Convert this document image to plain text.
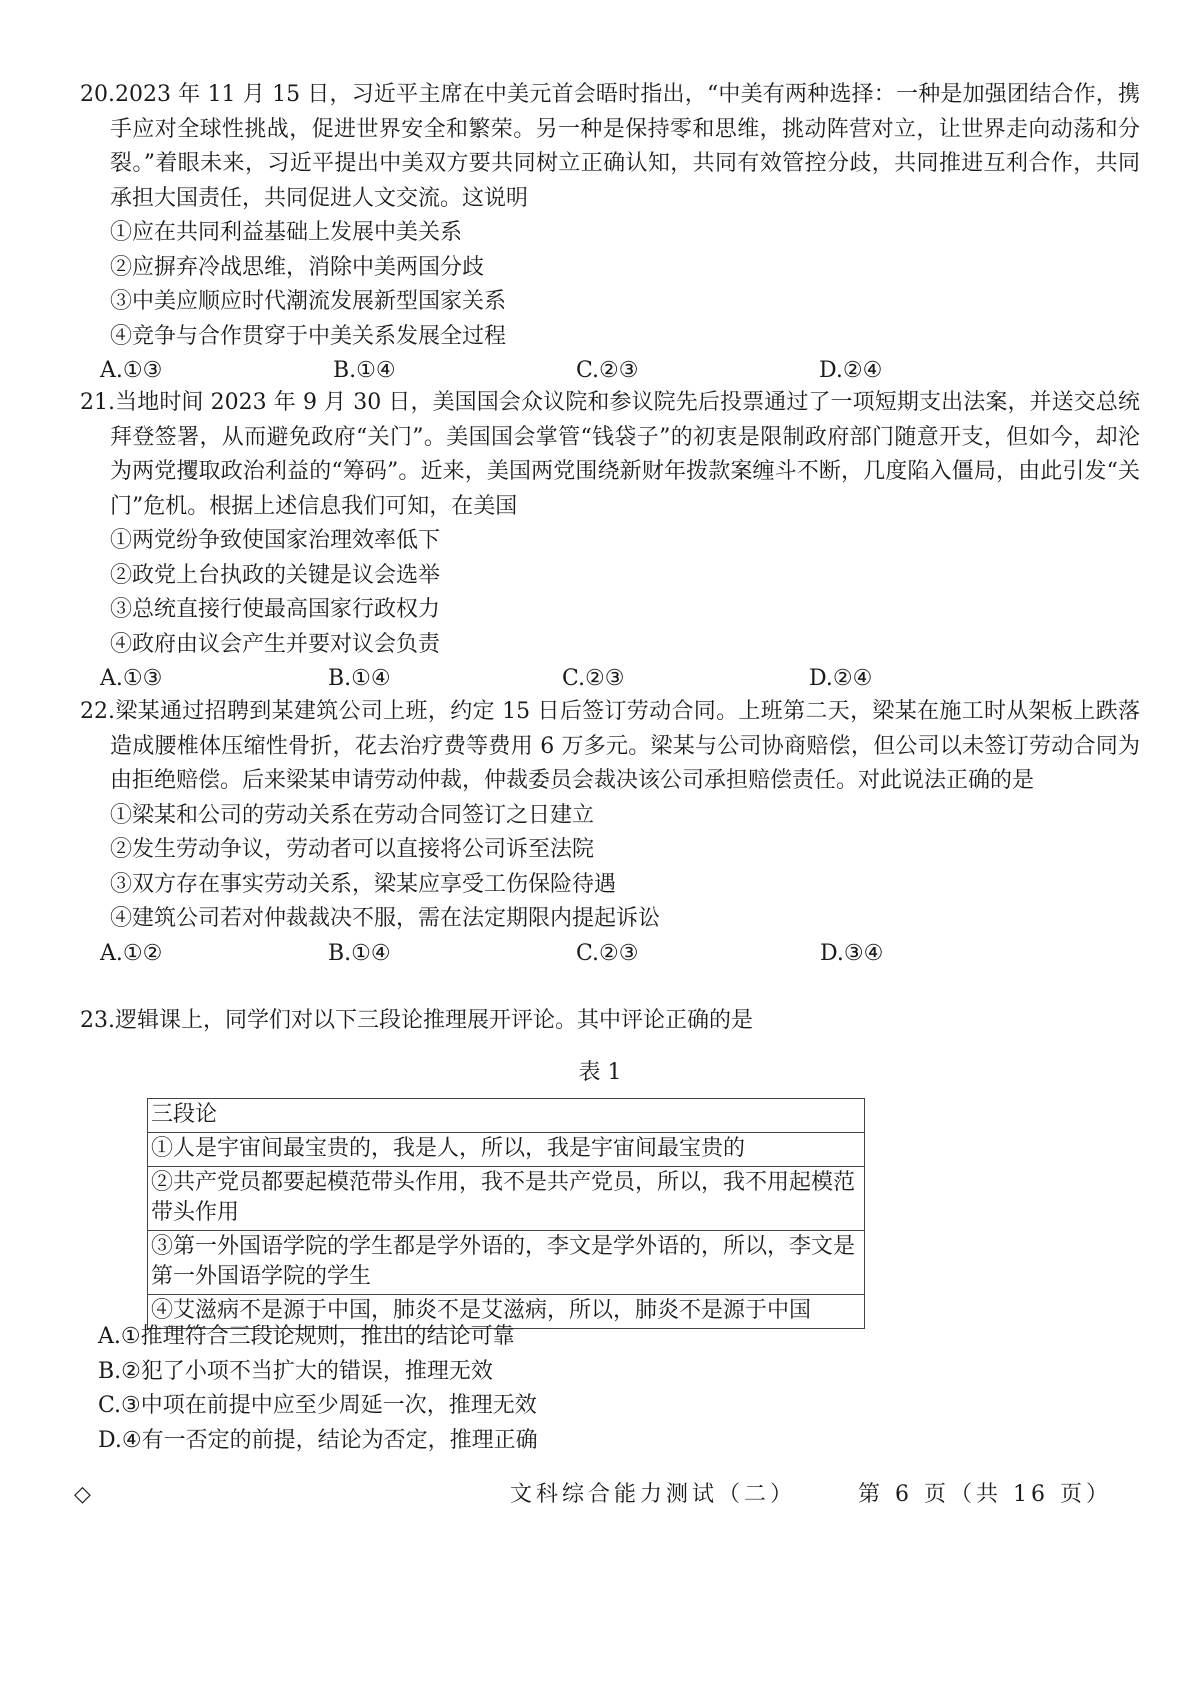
20.2023 年 11 月 15 日，习近平主席在中美元首会晤时指出，“中美有两种选择：一种是加强团结合作，携手应对全球性挑战，促进世界安全和繁荣。另一种是保持零和思维，挑动阵营对立，让世界走向动荡和分裂。”着眼未来，习近平提出中美双方要共同树立正确认知，共同有效管控分歧，共同推进互利合作，共同承担大国责任，共同促进人文交流。这说明

①应在共同利益基础上发展中美关系

②应摒弃冷战思维，消除中美两国分歧

③中美应顺应时代潮流发展新型国家关系

④竞争与合作贯穿于中美关系发展全过程

A.①③	B.①④	C.②③	D.②④

21.当地时间 2023 年 9 月 30 日，美国国会众议院和参议院先后投票通过了一项短期支出法案，并送交总统拜登签署，从而避免政府“关门”。美国国会掌管“钱袋子”的初衷是限制政府部门随意开支，但如今，却沦为两党攫取政治利益的“筹码”。近来，美国两党围绕新财年拨款案缠斗不断，几度陷入僵局，由此引发“关门”危机。根据上述信息我们可知，在美国

①两党纷争致使国家治理效率低下

②政党上台执政的关键是议会选举

③总统直接行使最高国家行政权力

④政府由议会产生并要对议会负责

A.①③	B.①④	C.②③	D.②④

22.梁某通过招聘到某建筑公司上班，约定 15 日后签订劳动合同。上班第二天，梁某在施工时从架板上跌落造成腰椎体压缩性骨折，花去治疗费等费用 6 万多元。梁某与公司协商赔偿，但公司以未签订劳动合同为由拒绝赔偿。后来梁某申请劳动仲裁，仲裁委员会裁决该公司承担赔偿责任。对此说法正确的是

①梁某和公司的劳动关系在劳动合同签订之日建立

②发生劳动争议，劳动者可以直接将公司诉至法院

③双方存在事实劳动关系，梁某应享受工伤保险待遇

④建筑公司若对仲裁裁决不服，需在法定期限内提起诉讼

A.①②	B.①④	C.②③	D.③④

23.逻辑课上，同学们对以下三段论推理展开评论。其中评论正确的是

表 1
三段论
①人是宇宙间最宝贵的，我是人，所以，我是宇宙间最宝贵的
②共产党员都要起模范带头作用，我不是共产党员，所以，我不用起模范带头作用
③第一外国语学院的学生都是学外语的，李文是学外语的，所以，李文是第一外国语学院的学生
④艾滋病不是源于中国，肺炎不是艾滋病，所以，肺炎不是源于中国
A.①推理符合三段论规则，推出的结论可靠
B.②犯了小项不当扩大的错误，推理无效
C.③中项在前提中应至少周延一次，推理无效
D.④有一否定的前提，结论为否定，推理正确
◇	文科综合能力测试（二）	第 6 页（共 16 页）
